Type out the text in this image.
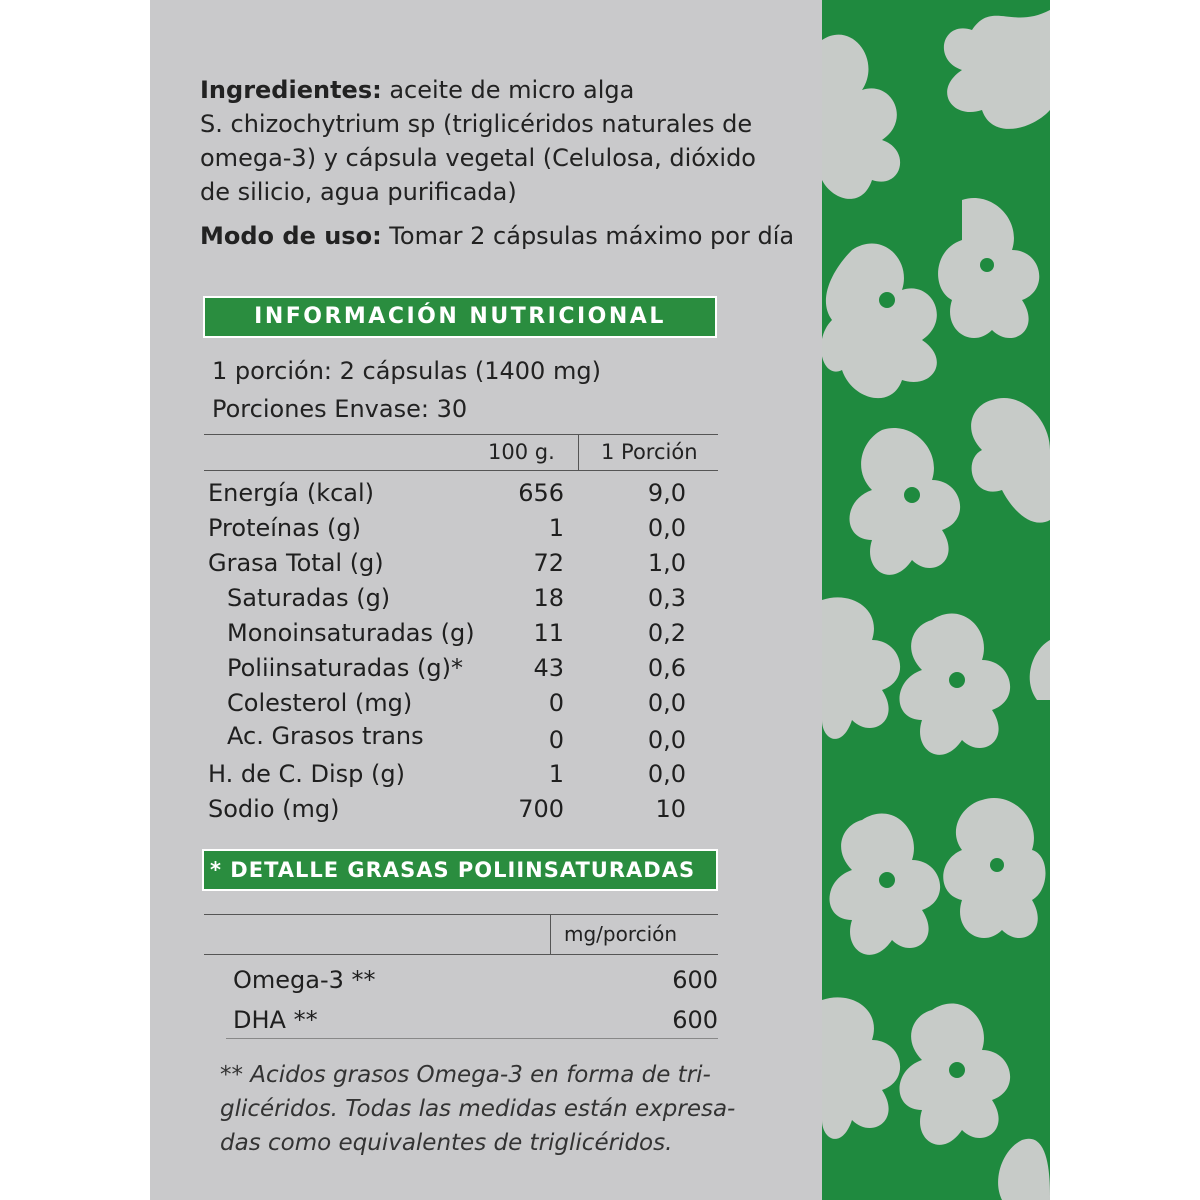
Ingredientes: aceite de micro alga
S. chizochytrium sp (triglicéridos naturales de
omega-3) y cápsula vegetal (Celulosa, dióxido
de silicio, agua purificada)
Modo de uso: Tomar 2 cápsulas máximo por día
INFORMACIÓN NUTRICIONAL
1 porción: 2 cápsulas (1400 mg)
Porciones Envase: 30
100 g. 1 Porción
Energía (kcal)	656	9,0
Proteínas (g)	1	0,0
Grasa Total (g)	72	1,0
Saturadas (g)	18	0,3
Monoinsaturadas (g) 11	0,2
Poliinsaturadas (g)*	43	0,6
Colesterol (mg)	0	0,0
Ac. Grasos trans	0	0,0
H. de C. Disp (g)	1	0,0
Sodio (mg)	700	10
* DETALLE GRASAS POLIINSATURADAS
mg/porción
Omega-3 **	600
DHA **	600
** Acidos grasos Omega-3 en forma de tri-
glicéridos. Todas las medidas están expresa-
das como equivalentes de triglicéridos.
